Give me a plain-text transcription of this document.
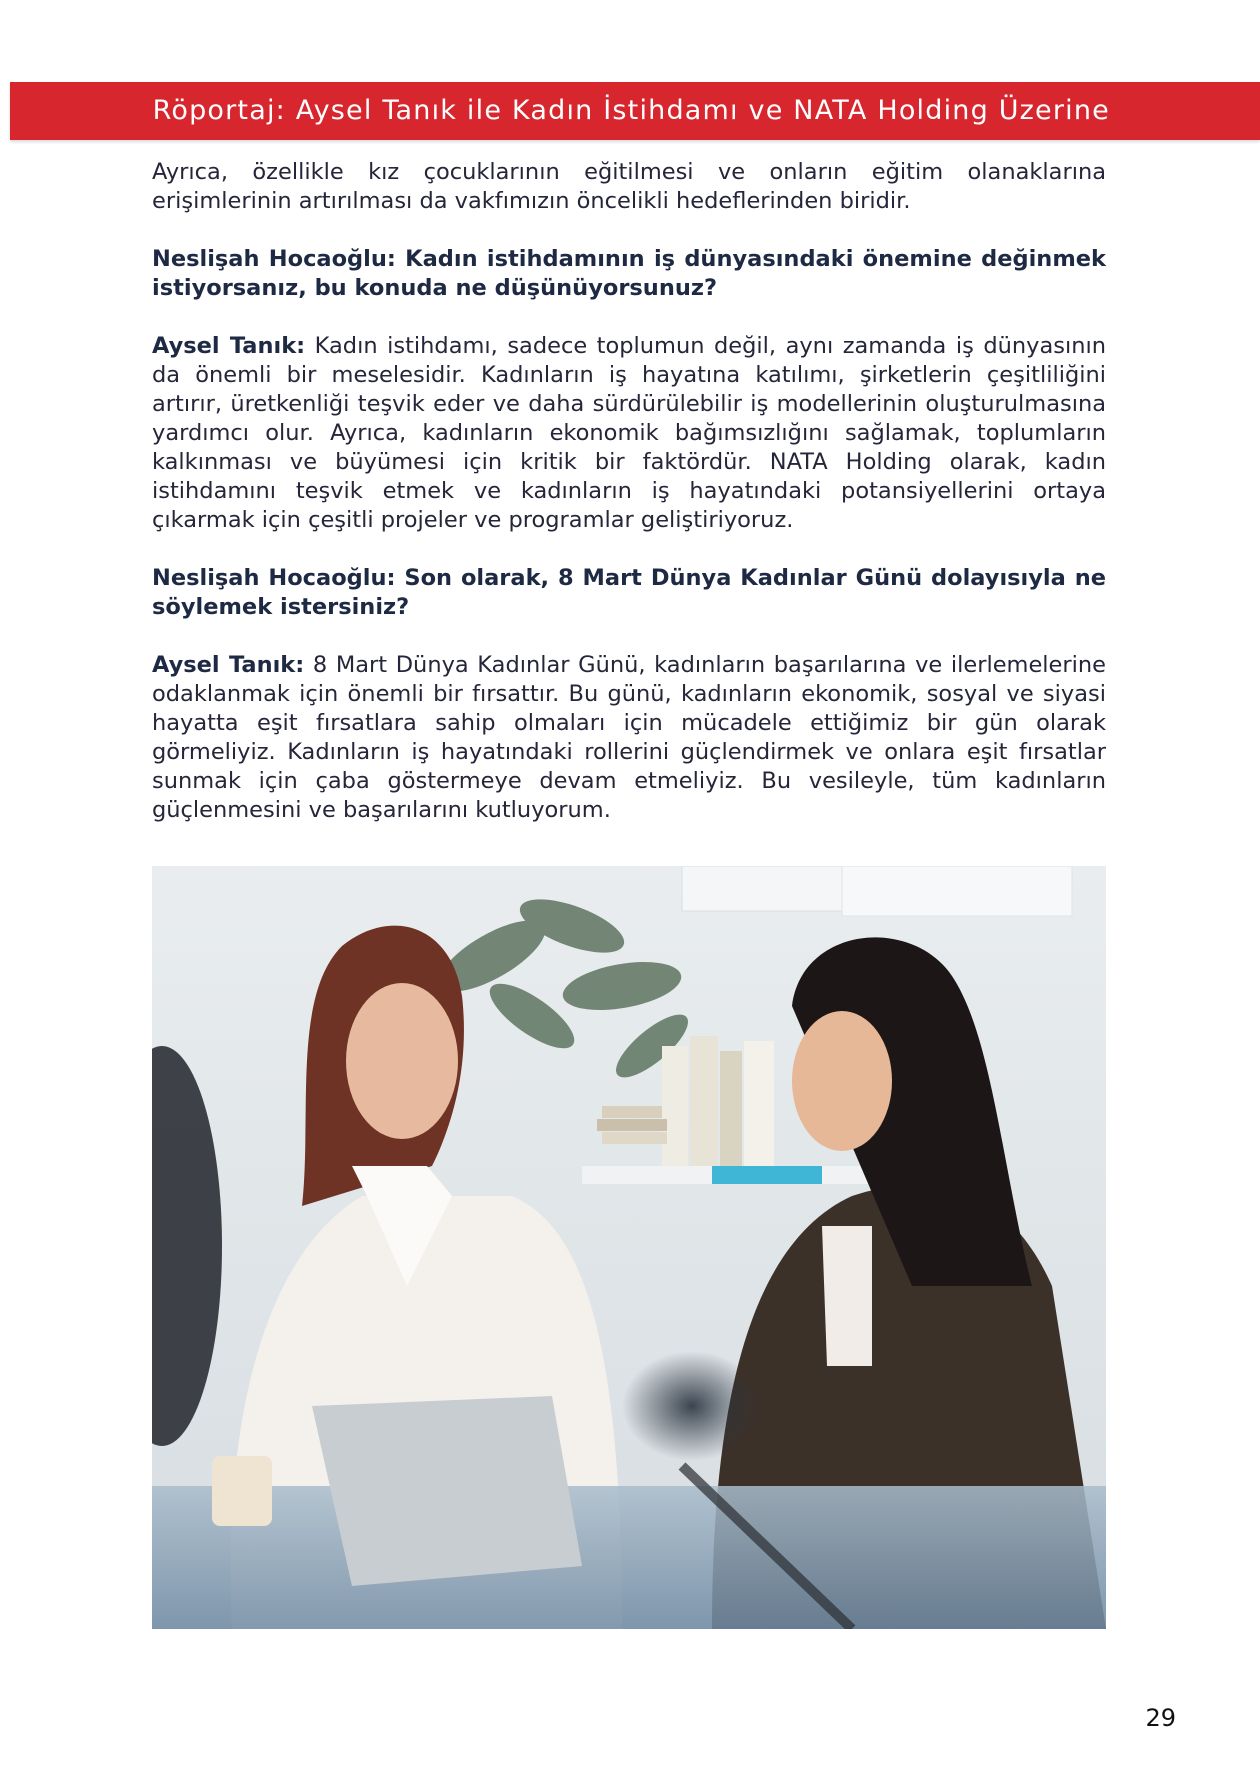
Röportaj: Aysel Tanık ile Kadın İstihdamı ve NATA Holding Üzerine

Ayrıca, özellikle kız çocuklarının eğitilmesi ve onların eğitim olanaklarına erişimlerinin artırılması da vakfımızın öncelikli hedeflerinden biridir.

Neslişah Hocaoğlu: Kadın istihdamının iş dünyasındaki önemine değinmek istiyorsanız, bu konuda ne düşünüyorsunuz?

Aysel Tanık: Kadın istihdamı, sadece toplumun değil, aynı zamanda iş dünyasının da önemli bir meselesidir. Kadınların iş hayatına katılımı, şirketlerin çeşitliliğini artırır, üretkenliği teşvik eder ve daha sürdürülebilir iş modellerinin oluşturulmasına yardımcı olur. Ayrıca, kadınların ekonomik bağımsızlığını sağlamak, toplumların kalkınması ve büyümesi için kritik bir faktördür. NATA Holding olarak, kadın istihdamını teşvik etmek ve kadınların iş hayatındaki potansiyellerini ortaya çıkarmak için çeşitli projeler ve programlar geliştiriyoruz.

Neslişah Hocaoğlu: Son olarak, 8 Mart Dünya Kadınlar Günü dolayısıyla ne söylemek istersiniz?

Aysel Tanık: 8 Mart Dünya Kadınlar Günü, kadınların başarılarına ve ilerlemelerine odaklanmak için önemli bir fırsattır. Bu günü, kadınların ekonomik, sosyal ve siyasi hayatta eşit fırsatlara sahip olmaları için mücadele ettiğimiz bir gün olarak görmeliyiz. Kadınların iş hayatındaki rollerini güçlendirmek ve onlara eşit fırsatlar sunmak için çaba göstermeye devam etmeliyiz. Bu vesileyle, tüm kadınların güçlenmesini ve başarılarını kutluyorum.

29
